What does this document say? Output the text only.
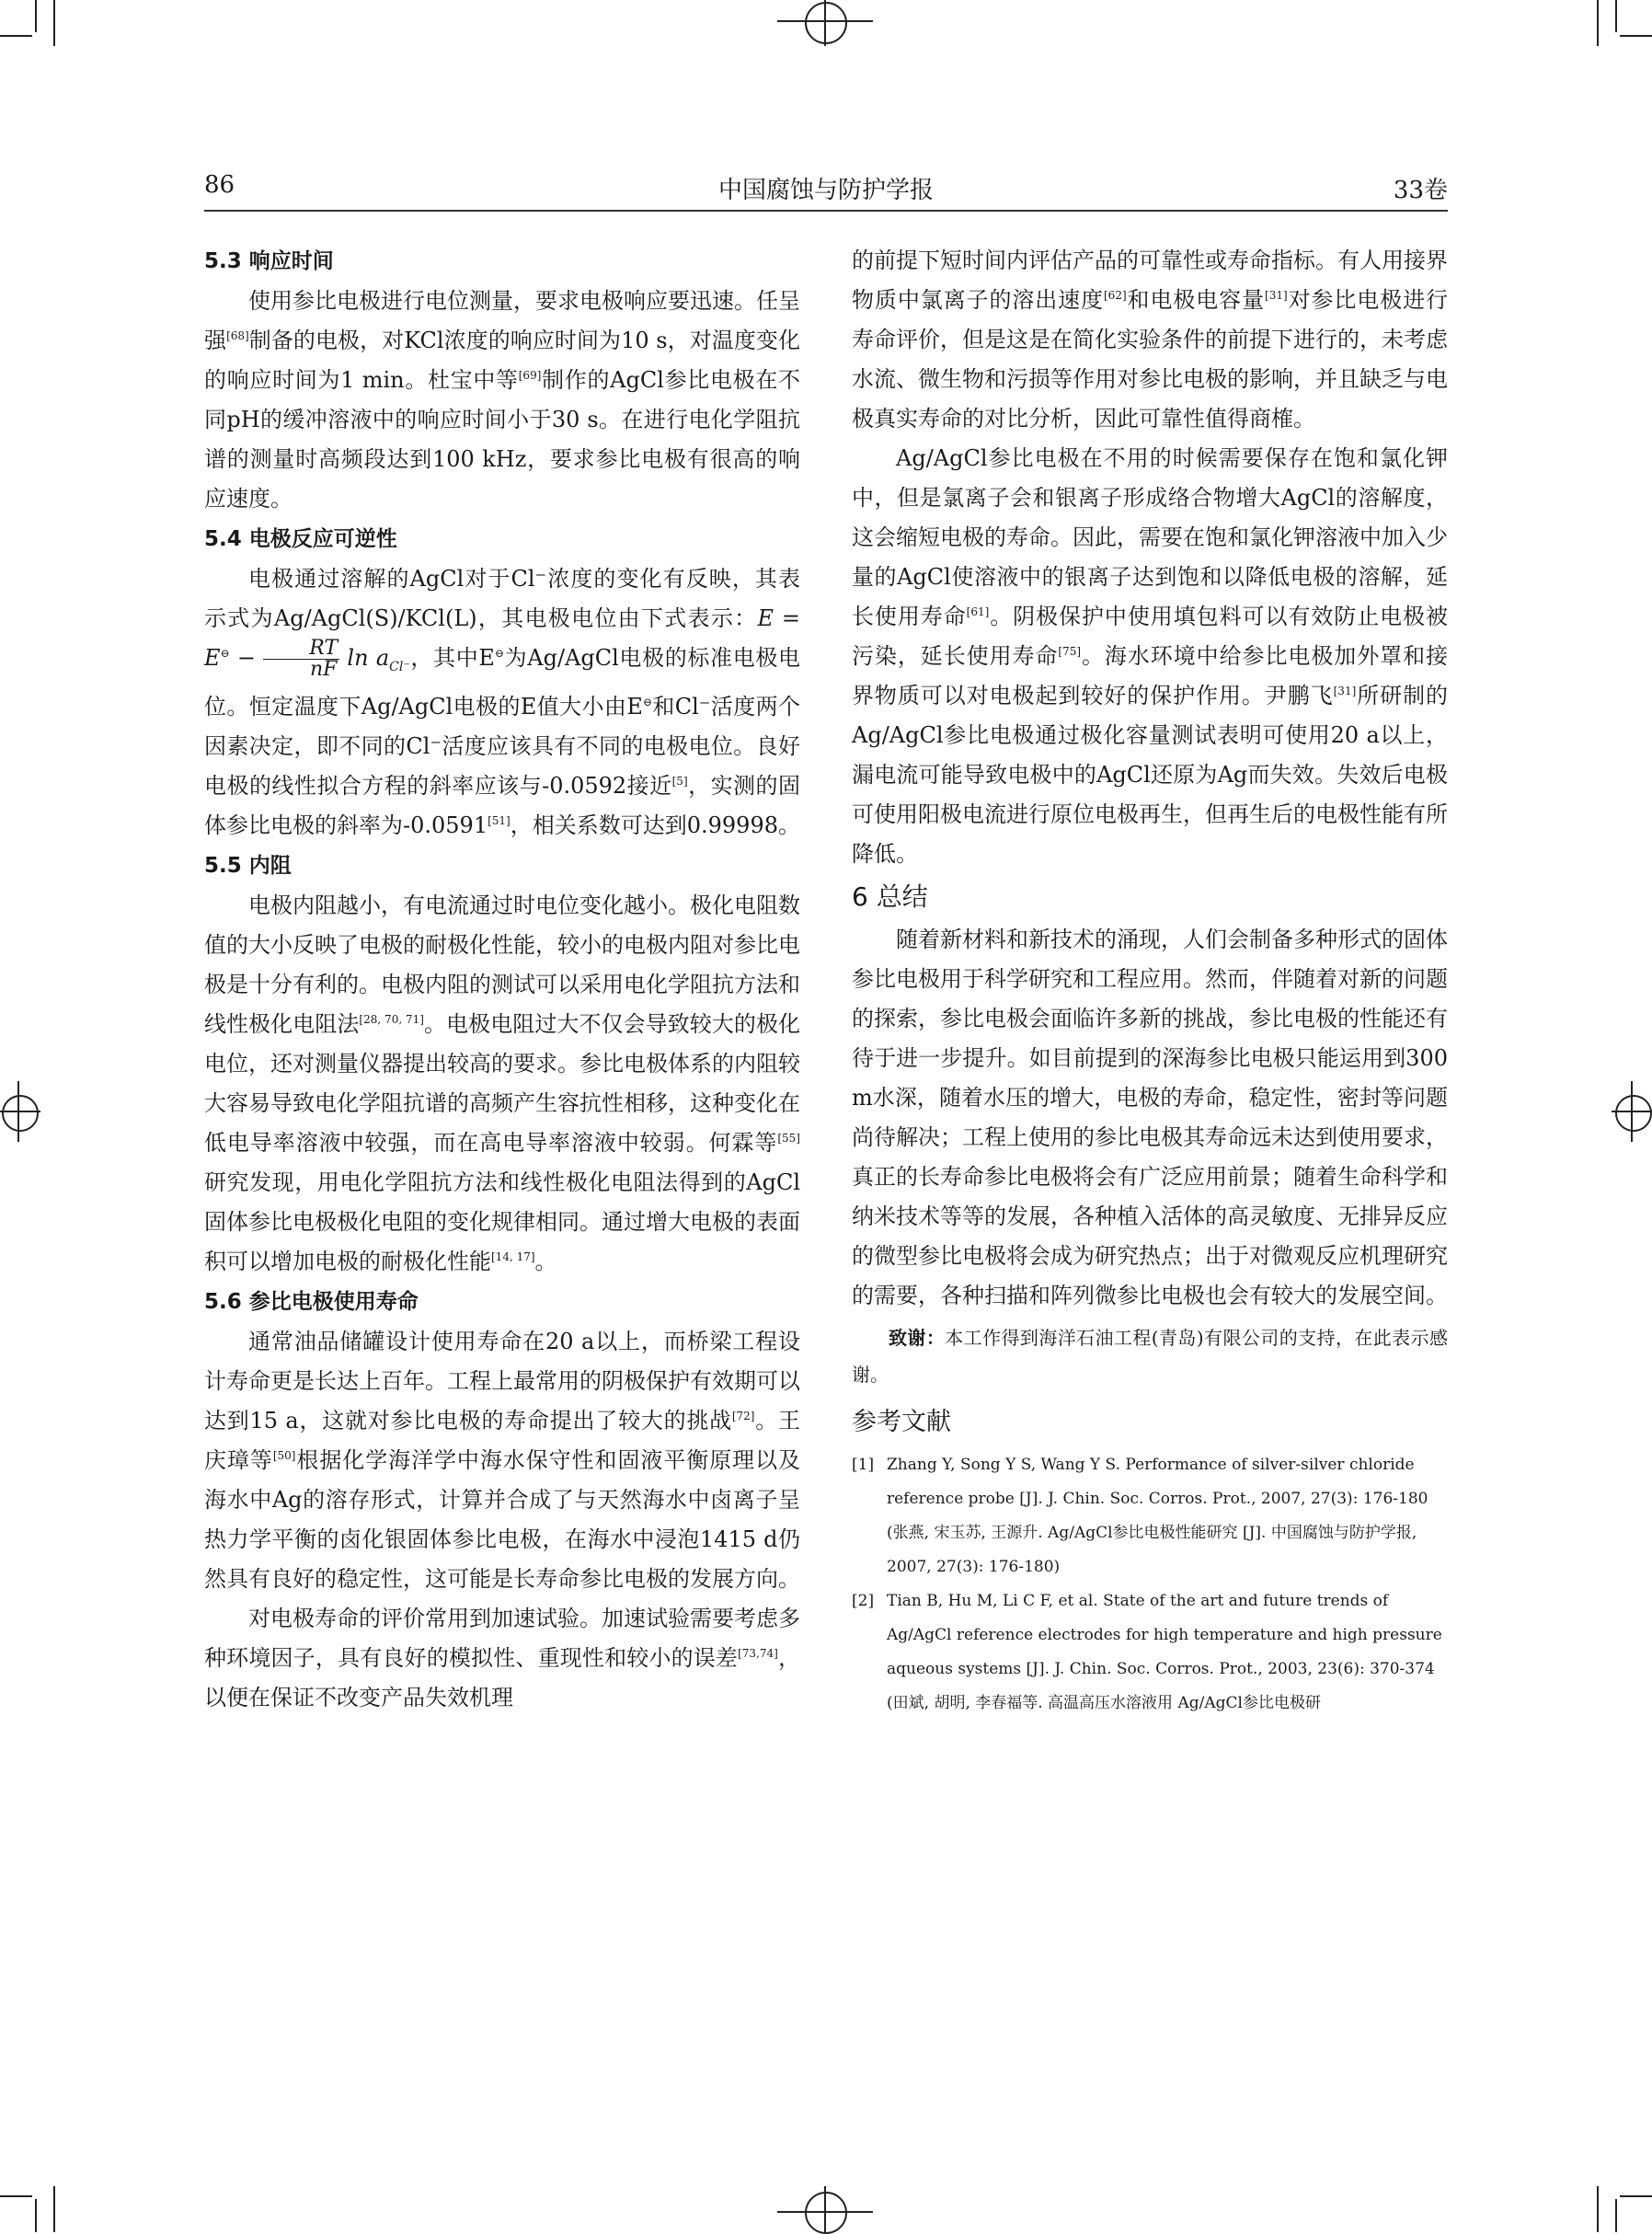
86	中国腐蚀与防护学报	33卷
5.3 响应时间

使用参比电极进行电位测量，要求电极响应要迅速。任呈强[68]制备的电极，对KCl浓度的响应时间为10 s，对温度变化的响应时间为1 min。杜宝中等[69]制作的AgCl参比电极在不同pH的缓冲溶液中的响应时间小于30 s。在进行电化学阻抗谱的测量时高频段达到100 kHz，要求参比电极有很高的响应速度。

5.4 电极反应可逆性

电极通过溶解的AgCl对于Cl⁻浓度的变化有反映，其表示式为Ag/AgCl(S)/KCl(L)，其电极电位由下式表示：$E = E^⊖ - \frac{RT}{nF}$ $\ln a_{Cl^-}$，其中E⊖为Ag/AgCl电极的标准电极电位。恒定温度下Ag/AgCl电极的E值大小由E⊖和Cl⁻活度两个因素决定，即不同的Cl⁻活度应该具有不同的电极电位。良好电极的线性拟合方程的斜率应该与-0.0592接近[5]，实测的固体参比电极的斜率为-0.0591[51]，相关系数可达到0.99998。

5.5 内阻

电极内阻越小，有电流通过时电位变化越小。极化电阻数值的大小反映了电极的耐极化性能，较小的电极内阻对参比电极是十分有利的。电极内阻的测试可以采用电化学阻抗方法和线性极化电阻法[28, 70, 71]。电极电阻过大不仅会导致较大的极化电位，还对测量仪器提出较高的要求。参比电极体系的内阻较大容易导致电化学阻抗谱的高频产生容抗性相移，这种变化在低电导率溶液中较强，而在高电导率溶液中较弱。何霖等[55]研究发现，用电化学阻抗方法和线性极化电阻法得到的AgCl固体参比电极极化电阻的变化规律相同。通过增大电极的表面积可以增加电极的耐极化性能[14, 17]。

5.6 参比电极使用寿命

通常油品储罐设计使用寿命在20 a以上，而桥梁工程设计寿命更是长达上百年。工程上最常用的阴极保护有效期可以达到15 a，这就对参比电极的寿命提出了较大的挑战[72]。王庆璋等[50]根据化学海洋学中海水保守性和固液平衡原理以及海水中Ag的溶存形式，计算并合成了与天然海水中卤离子呈热力学平衡的卤化银固体参比电极，在海水中浸泡1415 d仍然具有良好的稳定性，这可能是长寿命参比电极的发展方向。

对电极寿命的评价常用到加速试验。加速试验需要考虑多种环境因子，具有良好的模拟性、重现性和较小的误差[73,74]，以便在保证不改变产品失效机理

的前提下短时间内评估产品的可靠性或寿命指标。有人用接界物质中氯离子的溶出速度[62]和电极电容量[31]对参比电极进行寿命评价，但是这是在简化实验条件的前提下进行的，未考虑水流、微生物和污损等作用对参比电极的影响，并且缺乏与电极真实寿命的对比分析，因此可靠性值得商榷。

Ag/AgCl参比电极在不用的时候需要保存在饱和氯化钾中，但是氯离子会和银离子形成络合物增大AgCl的溶解度，这会缩短电极的寿命。因此，需要在饱和氯化钾溶液中加入少量的AgCl使溶液中的银离子达到饱和以降低电极的溶解，延长使用寿命[61]。阴极保护中使用填包料可以有效防止电极被污染，延长使用寿命[75]。海水环境中给参比电极加外罩和接界物质可以对电极起到较好的保护作用。尹鹏飞[31]所研制的Ag/AgCl参比电极通过极化容量测试表明可使用20 a以上，漏电流可能导致电极中的AgCl还原为Ag而失效。失效后电极可使用阳极电流进行原位电极再生，但再生后的电极性能有所降低。

6 总结

随着新材料和新技术的涌现，人们会制备多种形式的固体参比电极用于科学研究和工程应用。然而，伴随着对新的问题的探索，参比电极会面临许多新的挑战，参比电极的性能还有待于进一步提升。如目前提到的深海参比电极只能运用到300 m水深，随着水压的增大，电极的寿命，稳定性，密封等问题尚待解决；工程上使用的参比电极其寿命远未达到使用要求，真正的长寿命参比电极将会有广泛应用前景；随着生命科学和纳米技术等等的发展，各种植入活体的高灵敏度、无排异反应的微型参比电极将会成为研究热点；出于对微观反应机理研究的需要，各种扫描和阵列微参比电极也会有较大的发展空间。

致谢：本工作得到海洋石油工程(青岛)有限公司的支持，在此表示感谢。

参考文献

[1] Zhang Y, Song Y S, Wang Y S. Performance of silver-silver chloride reference probe [J]. J. Chin. Soc. Corros. Prot., 2007, 27(3): 176-180
(张燕, 宋玉苏, 王源升. Ag/AgCl参比电极性能研究 [J]. 中国腐蚀与防护学报, 2007, 27(3): 176-180)

[2] Tian B, Hu M, Li C F, et al. State of the art and future trends of Ag/AgCl reference electrodes for high temperature and high pressure aqueous systems [J]. J. Chin. Soc. Corros. Prot., 2003, 23(6): 370-374
(田斌, 胡明, 李春福等. 高温高压水溶液用 Ag/AgCl参比电极研
